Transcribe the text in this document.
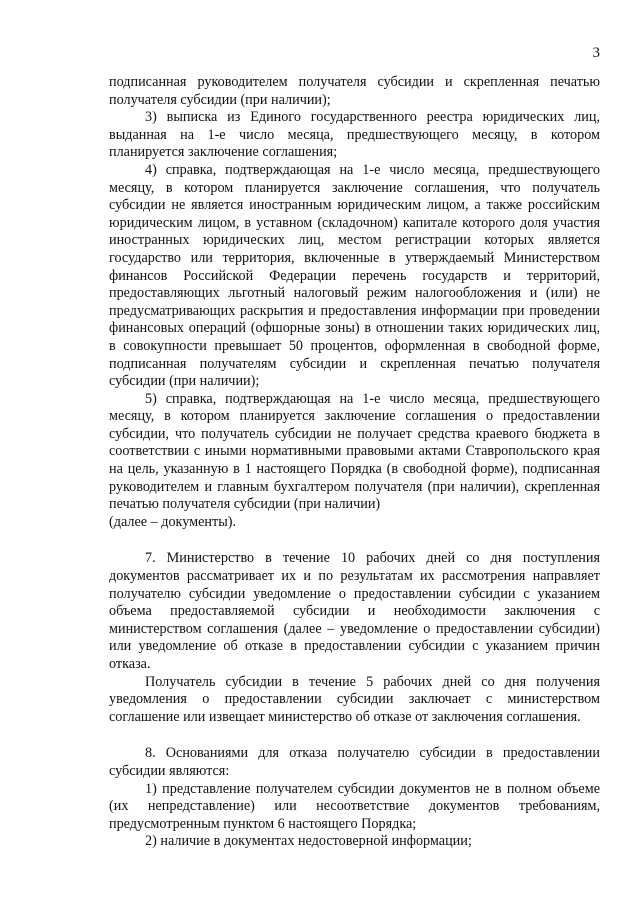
3

подписанная руководителем получателя субсидии и скрепленная печатью получателя субсидии (при наличии);

3) выписка из Единого государственного реестра юридических лиц, выданная на 1-е число месяца, предшествующего месяцу, в котором планируется заключение соглашения;

4) справка, подтверждающая на 1-е число месяца, предшествующего месяцу, в котором планируется заключение соглашения, что получатель субсидии не является иностранным юридическим лицом, а также российским юридическим лицом, в уставном (складочном) капитале которого доля участия иностранных юридических лиц, местом регистрации которых является государство или территория, включенные в утверждаемый Министерством финансов Российской Федерации перечень государств и территорий, предоставляющих льготный налоговый режим налогообложения и (или) не предусматривающих раскрытия и предоставления информации при проведении финансовых операций (офшорные зоны) в отношении таких юридических лиц, в совокупности превышает 50 процентов, оформленная в свободной форме, подписанная получателям субсидии и скрепленная печатью получателя субсидии (при наличии);

5) справка, подтверждающая на 1-е число месяца, предшествующего месяцу, в котором планируется заключение соглашения о предоставлении субсидии, что получатель субсидии не получает средства краевого бюджета в соответствии с иными нормативными правовыми актами Ставропольского края на цель, указанную в 1 настоящего Порядка (в свободной форме), подписанная руководителем и главным бухгалтером получателя (при наличии), скрепленная печатью получателя субсидии (при наличии)

(далее – документы).

7. Министерство в течение 10 рабочих дней со дня поступления документов рассматривает их и по результатам их рассмотрения направляет получателю субсидии уведомление о предоставлении субсидии с указанием объема предоставляемой субсидии и необходимости заключения с министерством соглашения (далее – уведомление о предоставлении субсидии) или уведомление об отказе в предоставлении субсидии с указанием причин отказа.

Получатель субсидии в течение 5 рабочих дней со дня получения уведомления о предоставлении субсидии заключает с министерством соглашение или извещает министерство об отказе от заключения соглашения.

8. Основаниями для отказа получателю субсидии в предоставлении субсидии являются:

1) представление получателем субсидии документов не в полном объеме (их непредставление) или несоответствие документов требованиям, предусмотренным пунктом 6 настоящего Порядка;

2) наличие в документах недостоверной информации;
